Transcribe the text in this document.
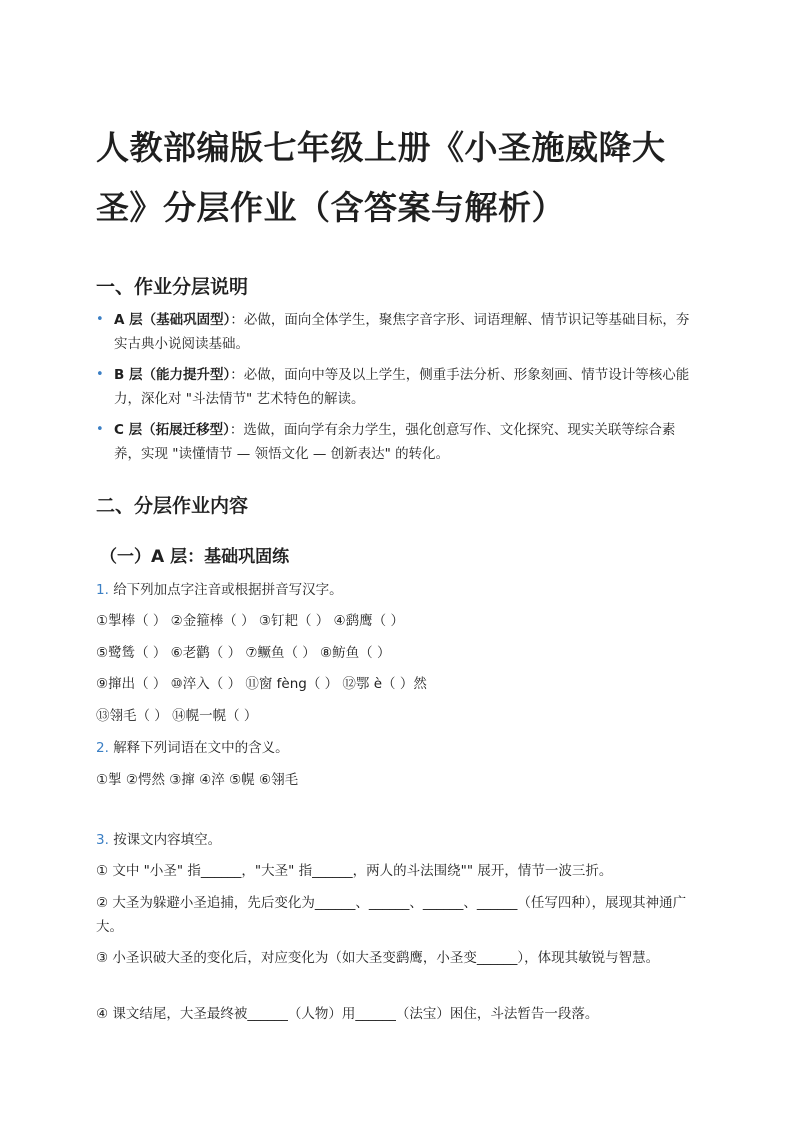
人教部编版七年级上册《小圣施威降大圣》分层作业（含答案与解析）
一、作业分层说明
• A 层（基础巩固型）：必做，面向全体学生，聚焦字音字形、词语理解、情节识记等基础目标，夯实古典小说阅读基础。
• B 层（能力提升型）：必做，面向中等及以上学生，侧重手法分析、形象刻画、情节设计等核心能力，深化对 "斗法情节" 艺术特色的解读。
• C 层（拓展迁移型）：选做，面向学有余力学生，强化创意写作、文化探究、现实关联等综合素养，实现 "读懂情节 — 领悟文化 — 创新表达" 的转化。
二、分层作业内容
（一）A 层：基础巩固练

1. 给下列加点字注音或根据拼音写汉字。

①掣棒（ ） ②金箍棒（ ） ③钉耙（ ） ④鹞鹰（ ）

⑤鹭鸶（ ） ⑥老鹳（ ） ⑦鳜鱼（ ） ⑧鲂鱼（ ）

⑨撺出（ ） ⑩淬入（ ） ⑪窗 fèng（ ） ⑫鄂 è（ ）然

⑬翎毛（ ） ⑭幌一幌（ ）

2. 解释下列词语在文中的含义。

①掣 ②愕然 ③撺 ④淬 ⑤幌 ⑥翎毛

3. 按课文内容填空。

① 文中 "小圣" 指______，"大圣" 指______，两人的斗法围绕"" 展开，情节一波三折。

② 大圣为躲避小圣追捕，先后变化为______、______、______、______（任写四种），展现其神通广大。

③ 小圣识破大圣的变化后，对应变化为（如大圣变鹞鹰，小圣变______），体现其敏锐与智慧。

④ 课文结尾，大圣最终被______（人物）用______（法宝）困住，斗法暂告一段落。
